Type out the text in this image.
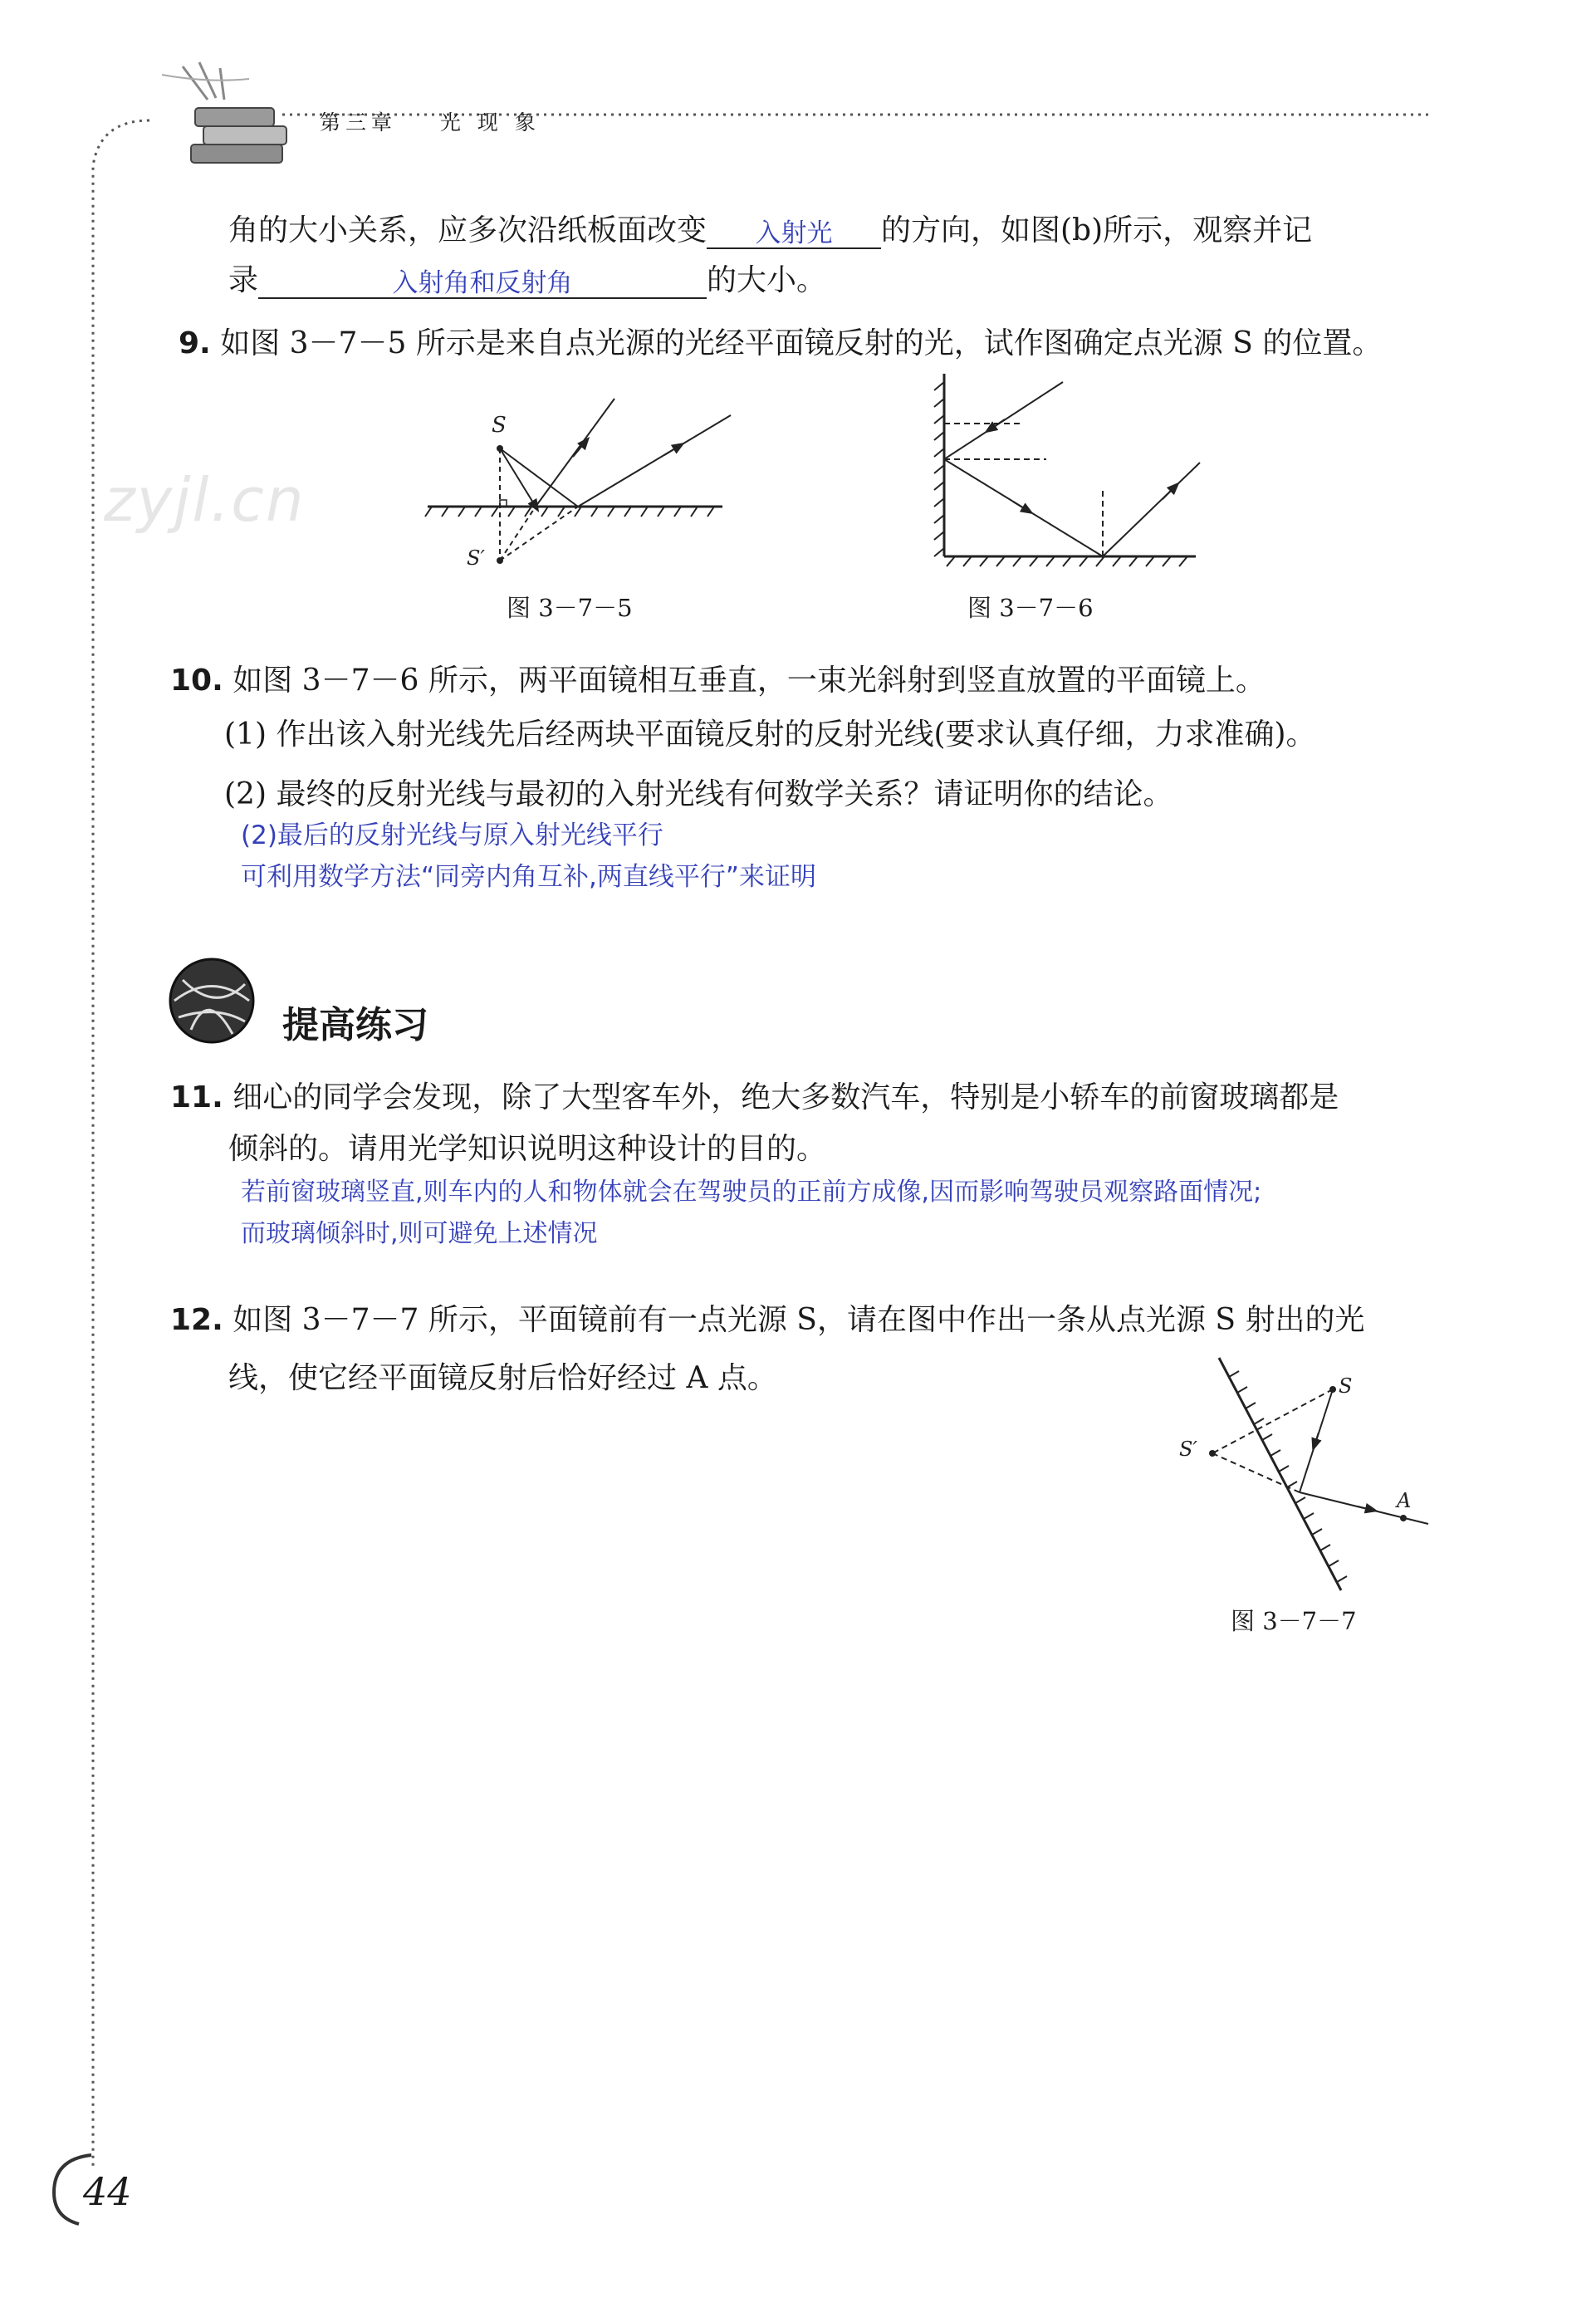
第三章 光 现 象
角的大小关系，应多次沿纸板面改变 入射光 的方向，如图(b)所示，观察并记
录	入射角和反射角	的大小。
9. 如图 3－7－5 所示是来自点光源的光经平面镜反射的光，试作图确定点光源 S 的位置。
zyjl.cn
S
S′
图 3－7－5	图 3－7－6
10. 如图 3－7－6 所示，两平面镜相互垂直，一束光斜射到竖直放置的平面镜上。
(1) 作出该入射光线先后经两块平面镜反射的反射光线(要求认真仔细，力求准确)。
(2) 最终的反射光线与最初的入射光线有何数学关系？请证明你的结论。
(2)最后的反射光线与原入射光线平行
可利用数学方法“同旁内角互补,两直线平行”来证明
提高练习
11. 细心的同学会发现，除了大型客车外，绝大多数汽车，特别是小轿车的前窗玻璃都是
倾斜的。请用光学知识说明这种设计的目的。
若前窗玻璃竖直,则车内的人和物体就会在驾驶员的正前方成像,因而影响驾驶员观察路面情况;
而玻璃倾斜时,则可避免上述情况
12. 如图 3－7－7 所示，平面镜前有一点光源 S，请在图中作出一条从点光源 S 射出的光
线，使它经平面镜反射后恰好经过 A 点。	S
S′
A
图 3－7－7
44
